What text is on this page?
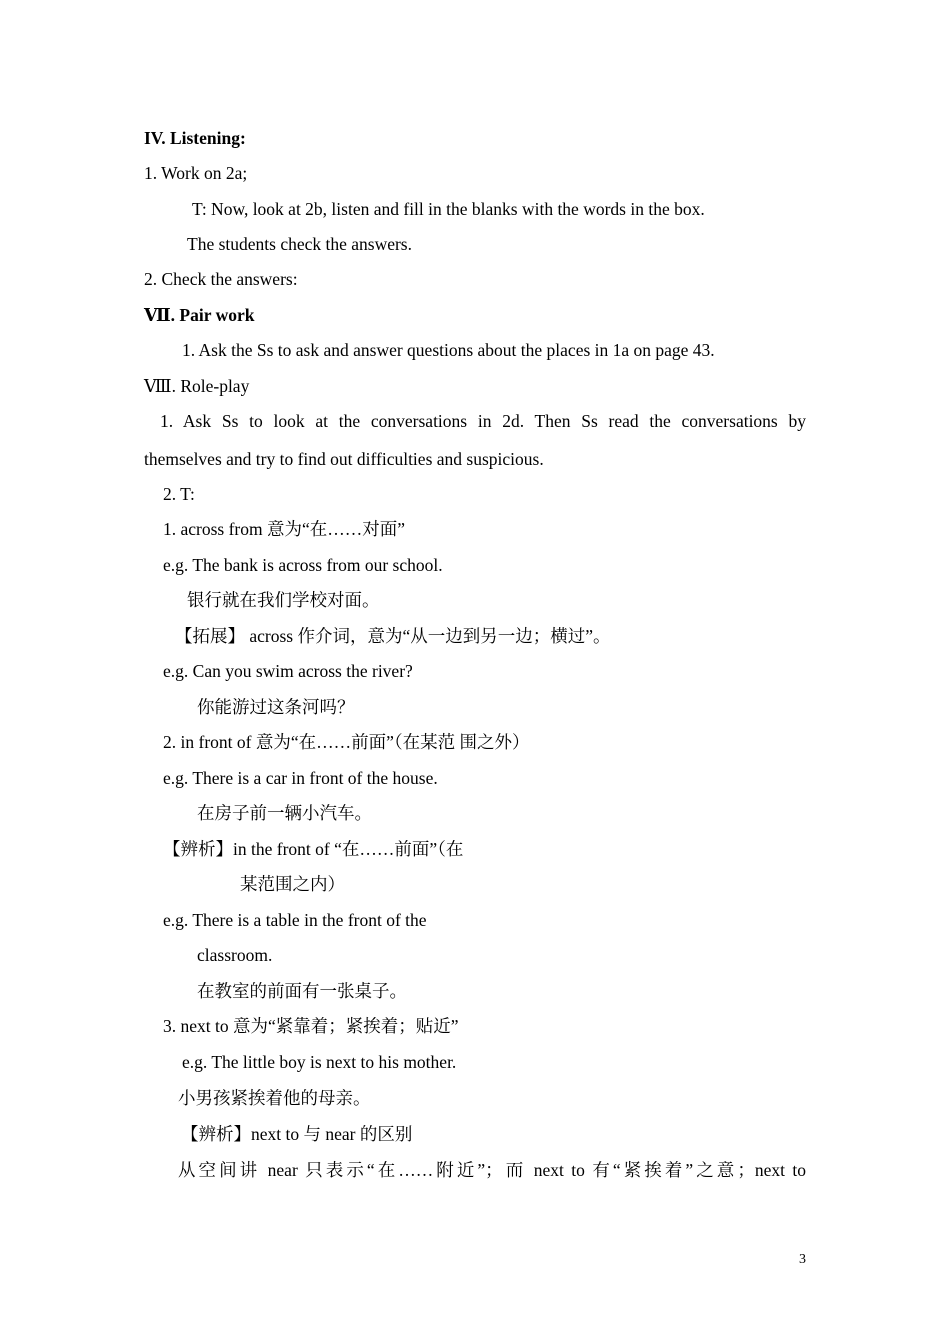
IV. Listening:
1. Work on 2a;
T: Now, look at 2b, listen and fill in the blanks with the words in the box.
The students check the answers.
2. Check the answers:
Ⅶ. Pair work
1. Ask the Ss to ask and answer questions about the places in 1a on page 43.
Ⅷ. Role-play
1. Ask Ss to look at the conversations in 2d. Then Ss read the conversations by
themselves and try to find out difficulties and suspicious.
2. T:
1. across from 意为“在……对面”
e.g. The bank is across from our school.
银行就在我们学校对面。
【拓展】 across 作介词，意为“从一边到另一边；横过”。
e.g. Can you swim across the river?
你能游过这条河吗？
2. in front of 意为“在……前面”（在某范 围之外）
e.g. There is a car in front of the house.
在房子前一辆小汽车。
【辨析】in the front of “在……前面”（在
某范围之内）
e.g. There is a table in the front of the
classroom.
在教室的前面有一张桌子。
3. next to 意为“紧靠着；紧挨着；贴近”
e.g. The little boy is next to his mother.
小男孩紧挨着他的母亲。
【辨析】next to 与 near 的区别
从空间讲 near 只表示“在……附近”；而 next to 有“紧挨着”之意；next to
3
